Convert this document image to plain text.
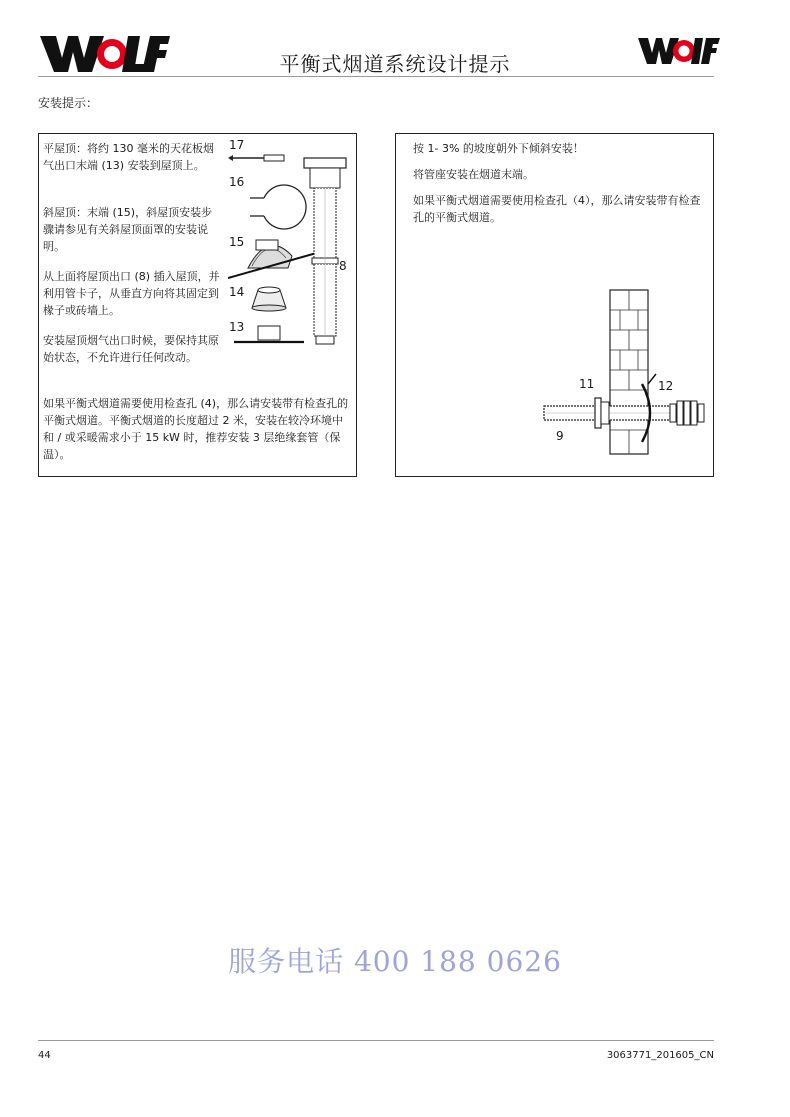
平衡式烟道系统设计提示
安装提示：
平屋顶：将约 130 毫米的天花板烟气出口末端 (13) 安装到屋顶上。
斜屋顶：末端 (15)，斜屋顶安装步骤请参见有关斜屋顶面罩的安装说明。
从上面将屋顶出口 (8) 插入屋顶，并利用管卡子，从垂直方向将其固定到椽子或砖墙上。
安装屋顶烟气出口时候，要保持其原始状态，不允许进行任何改动。
如果平衡式烟道需要使用检查孔 (4)，那么请安装带有检查孔的平衡式烟道。平衡式烟道的长度超过 2 米，安装在较冷环境中和 / 或采暖需求小于 15 kW 时，推荐安装 3 层绝缘套管（保温）。
17
16
15
14
13
8
按 1- 3% 的坡度朝外下倾斜安装！
将管座安装在烟道末端。
如果平衡式烟道需要使用检查孔（4），那么请安装带有检查孔的平衡式烟道。
11	12
9
服务电话 400 188 0626
44	3063771_201605_CN
